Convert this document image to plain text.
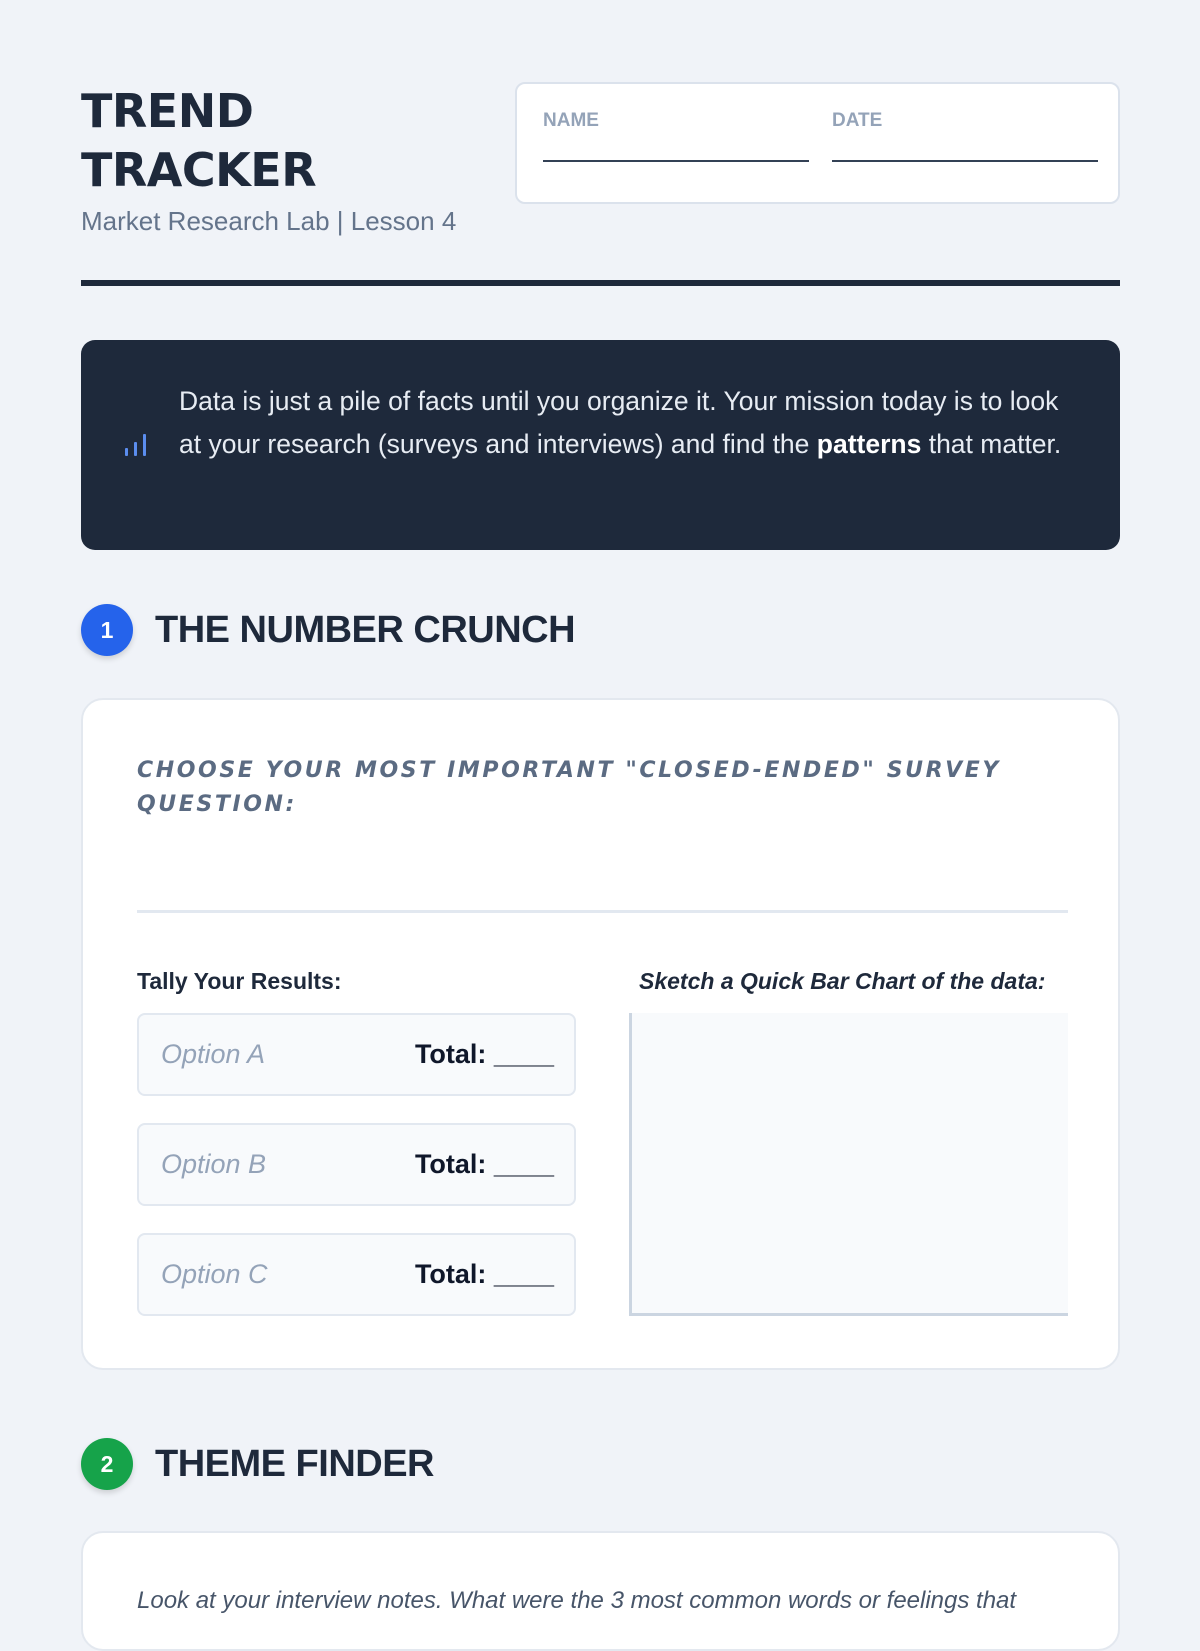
TREND
TRACKER
Market Research Lab | Lesson 4
NAME	DATE
Data is just a pile of facts until you organize it. Your mission today is to look at your research (surveys and interviews) and find the patterns that matter.
1	THE NUMBER CRUNCH
CHOOSE YOUR MOST IMPORTANT "CLOSED-ENDED" SURVEY QUESTION:
Tally Your Results:
Option A	Total: ____
Option B	Total: ____
Option C	Total: ____
Sketch a Quick Bar Chart of the data:
2	THEME FINDER
Look at your interview notes. What were the 3 most common words or feelings that
